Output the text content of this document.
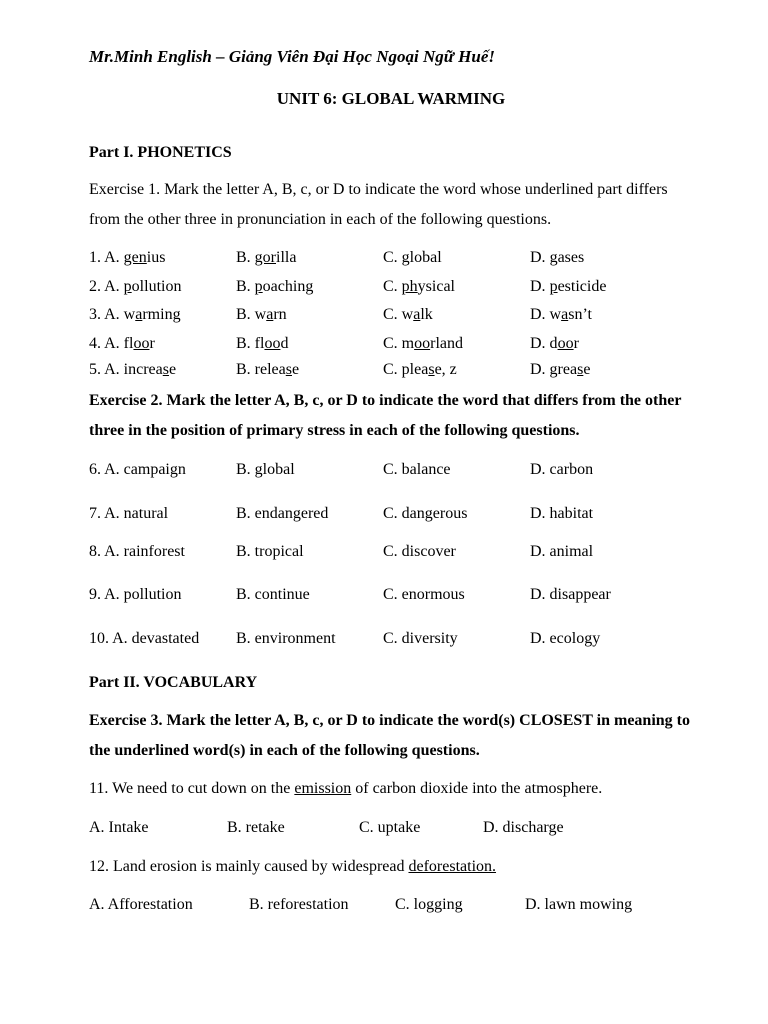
Mr.Minh English – Giảng Viên Đại Học Ngoại Ngữ Huế!
UNIT 6: GLOBAL WARMING
Part I. PHONETICS
Exercise 1. Mark the letter A, B, c, or D to indicate the word whose underlined part differs from the other three in pronunciation in each of the following questions.
1. A. genius	B. gorilla	C. global	D. gases
2. A. pollution	B. poaching	C. physical	D. pesticide
3. A. warming	B. warn	C. walk	D. wasn’t
4. A. floor	B. flood	C. moorland	D. door
5. A. increase	B. release	C. please, z	D. grease
Exercise 2. Mark the letter A, B, c, or D to indicate the word that differs from the other three in the position of primary stress in each of the following questions.
6. A. campaign	B. global	C. balance	D. carbon
7. A. natural	B. endangered	C. dangerous	D. habitat
8. A. rainforest	B. tropical	C. discover	D. animal
9. A. pollution	B. continue	C. enormous	D. disappear
10. A. devastated B. environment	C. diversity	D. ecology
Part II. VOCABULARY
Exercise 3. Mark the letter A, B, c, or D to indicate the word(s) CLOSEST in meaning to the underlined word(s) in each of the following questions.
11. We need to cut down on the emission of carbon dioxide into the atmosphere.
A. Intake	B. retake	C. uptake	D. discharge
12. Land erosion is mainly caused by widespread deforestation.
A. Afforestation	B. reforestation	C. logging	D. lawn mowing
